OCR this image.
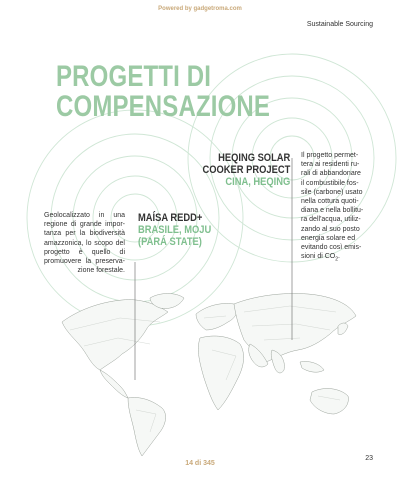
Powered by gadgetroma.com
Sustainable Sourcing
PROGETTI DI
COMPENSAZIONE
HEQING SOLAR
COOKER PROJECT
CINA, HEQING
MAÍSA REDD+
BRASILE, MOJU
(PARÁ STATE)
Geolocalizzato in una regione di grande impor-tanza per la biodiversità amazzonica, lo scopo del progetto è quello di promuovere la preserva-zione forestale.
Il progetto permet-tera ai residenti ru-rali di abbandonare il combustibile fos-sile (carbone) usato nella cottura quoti-diana e nella bollitu-ra dell'acqua, utiliz-zando al suo posto energia solare ed evitando così emis-sioni di $CO_2$.
23
14 di 345
